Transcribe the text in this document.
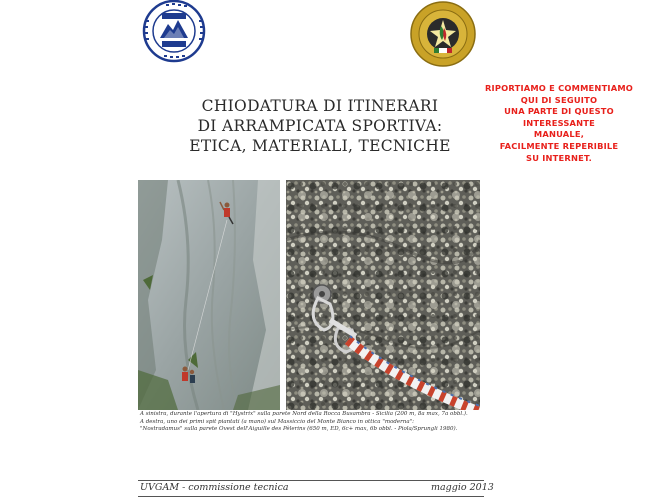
CHIODATURA DI ITINERARI
DI ARRAMPICATA SPORTIVA:
ETICA, MATERIALI, TECNICHE
RIPORTIAMO E COMMENTIAMO
QUI DI SEGUITO
UNA PARTE DI QUESTO
INTERESSANTE
MANUALE,
FACILMENTE REPERIBILE
SU INTERNET.
A sinistra, durante l'apertura di "Hystrix" sulla parete Nord della Rocca Busambra - Sicilia (200 m, 8a max, 7a obbl.).
A destra, uno dei primi spit piantati (a mano) sul Massiccio del Monte Bianco in ottica "moderna":
"Nostradamus" sulla parete Ovest dell'Aiguille des Pèlerins (650 m, ED, 6c+ max, 6b obbl. - Piola/Sprungli 1980).
UVGAM - commissione tecnica	maggio 2013
